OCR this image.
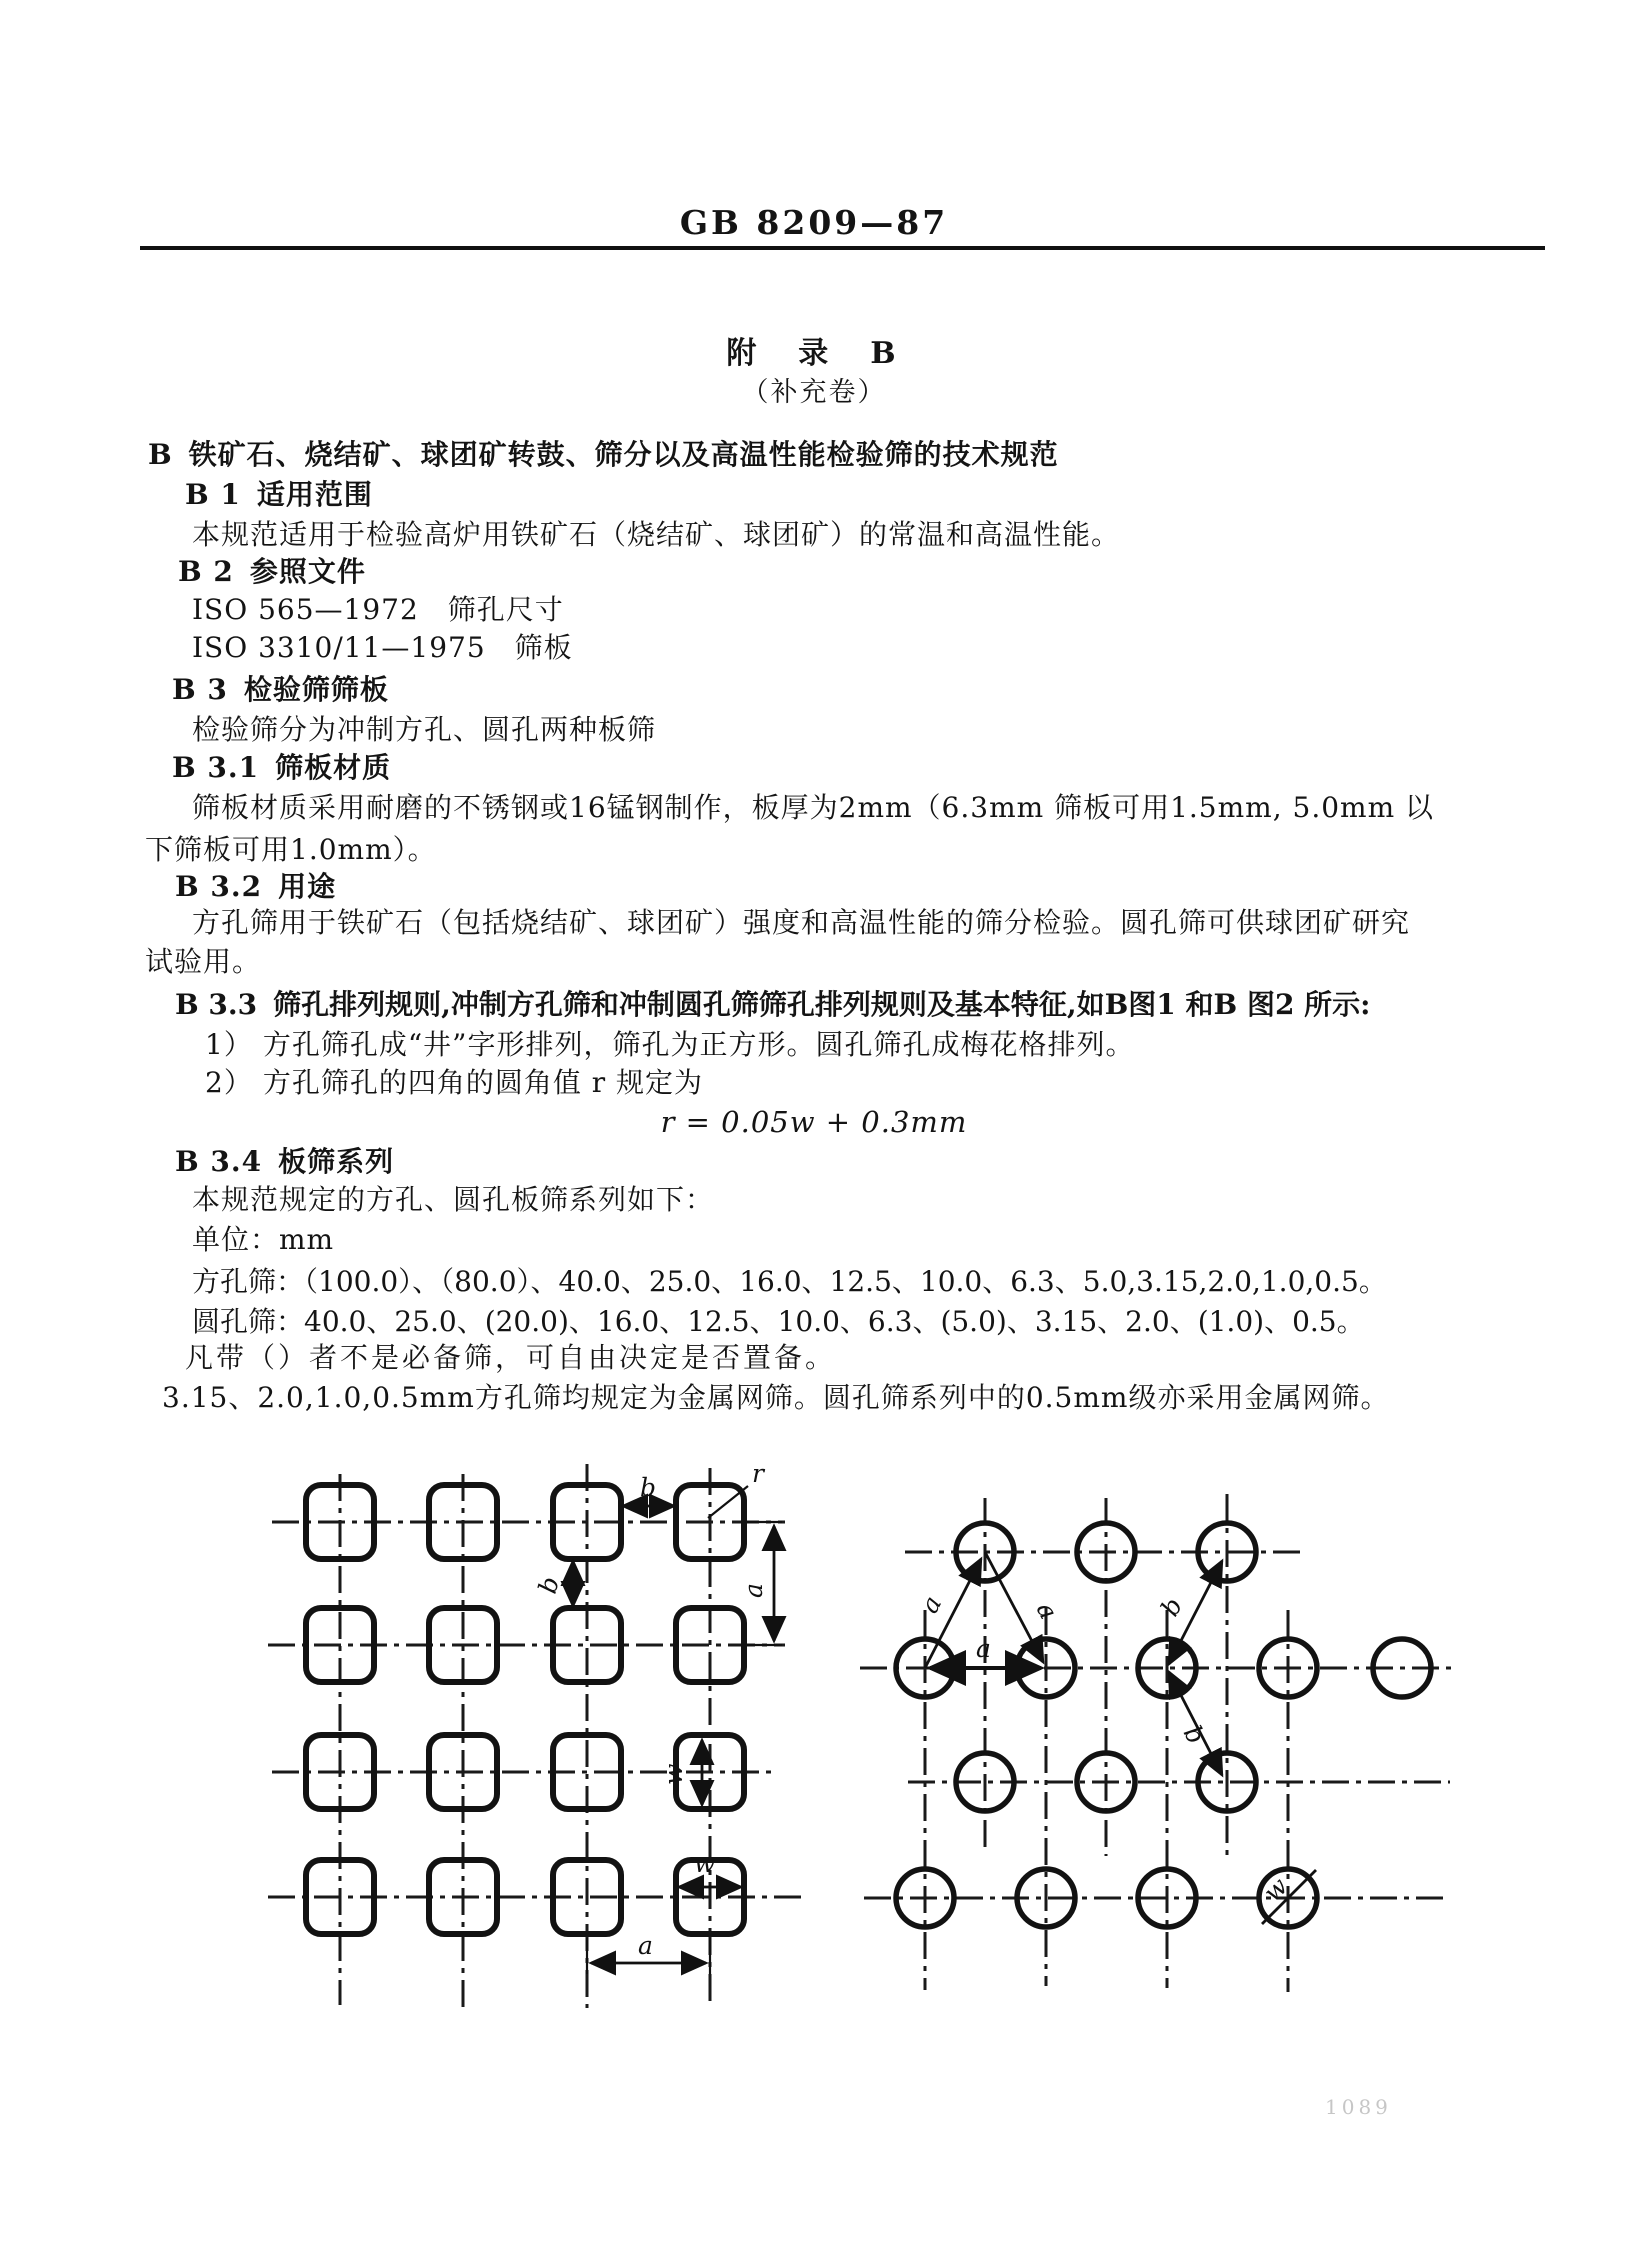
GB 8209—87
附　录　B
（补充卷）
B 铁矿石、烧结矿、球团矿转鼓、筛分以及高温性能检验筛的技术规范
B 1 适用范围
本规范适用于检验高炉用铁矿石（烧结矿、球团矿）的常温和高温性能。
B 2 参照文件
ISO 565—1972　筛孔尺寸
ISO 3310/11—1975　筛板
B 3 检验筛筛板
检验筛分为冲制方孔、圆孔两种板筛
B 3.1 筛板材质
筛板材质采用耐磨的不锈钢或16锰钢制作，板厚为2mm（6.3mm 筛板可用1.5mm, 5.0mm 以
下筛板可用1.0mm）。
B 3.2 用途
方孔筛用于铁矿石（包括烧结矿、球团矿）强度和高温性能的筛分检验。圆孔筛可供球团矿研究
试验用。
B 3.3 筛孔排列规则,冲制方孔筛和冲制圆孔筛筛孔排列规则及基本特征,如B图1 和B 图2 所示:
1） 方孔筛孔成“井”字形排列，筛孔为正方形。圆孔筛孔成梅花格排列。
2） 方孔筛孔的四角的圆角值 r 规定为
r = 0.05w + 0.3mm
B 3.4 板筛系列
本规范规定的方孔、圆孔板筛系列如下：
单位：mm
方孔筛：（100.0）、（80.0）、40.0、25.0、16.0、12.5、10.0、6.3、5.0,3.15,2.0,1.0,0.5。
圆孔筛：40.0、25.0、(20.0)、16.0、12.5、10.0、6.3、(5.0)、3.15、2.0、(1.0)、0.5。
凡带（）者不是必备筛，可自由决定是否置备。
3.15、2.0,1.0,0.5mm方孔筛均规定为金属网筛。圆孔筛系列中的0.5mm级亦采用金属网筛。
b	r
b	a
w
w
a
a	a
a
b
b
w
1089
